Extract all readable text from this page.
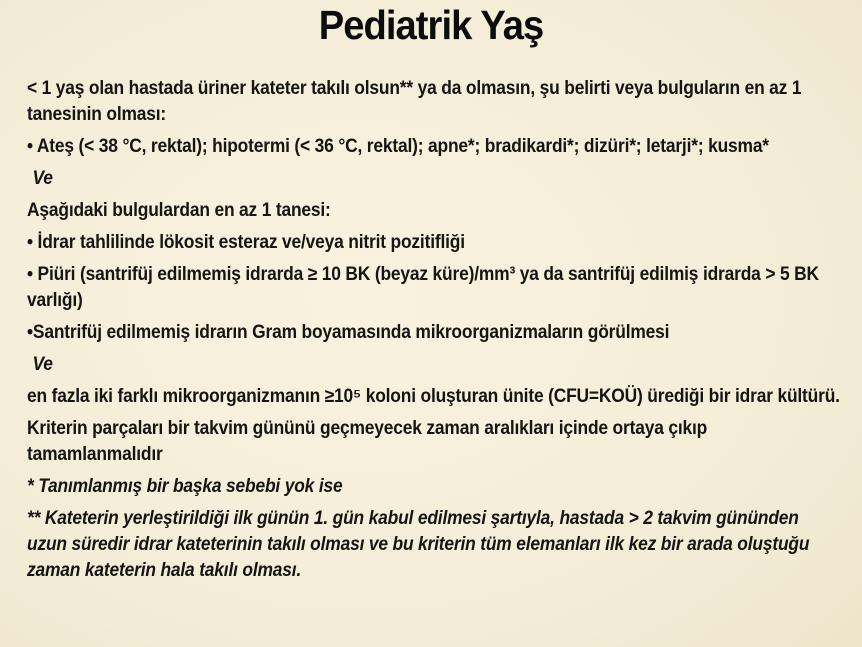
Pediatrik Yaş

< 1 yaş olan hastada üriner kateter takılı olsun** ya da olmasın, şu belirti veya bulguların en az 1 tanesinin olması:

• Ateş (< 38 °C, rektal); hipotermi (< 36 °C, rektal); apne*; bradikardi*; dizüri*; letarji*; kusma*

Ve

Aşağıdaki bulgulardan en az 1 tanesi:

• İdrar tahlilinde lökosit esteraz ve/veya nitrit pozitifliği

• Piüri (santrifüj edilmemiş idrarda ≥ 10 BK (beyaz küre)/mm³ ya da santrifüj edilmiş idrarda > 5 BK varlığı)

•Santrifüj edilmemiş idrarın Gram boyamasında mikroorganizmaların görülmesi

Ve

en fazla iki farklı mikroorganizmanın ≥10⁵ koloni oluşturan ünite (CFU=KOÜ) ürediği bir idrar kültürü.

Kriterin parçaları bir takvim gününü geçmeyecek zaman aralıkları içinde ortaya çıkıp tamamlanmalıdır

* Tanımlanmış bir başka sebebi yok ise

** Kateterin yerleştirildiği ilk günün 1. gün kabul edilmesi şartıyla, hastada > 2 takvim gününden uzun süredir idrar kateterinin takılı olması ve bu kriterin tüm elemanları ilk kez bir arada oluştuğu zaman kateterin hala takılı olması.
